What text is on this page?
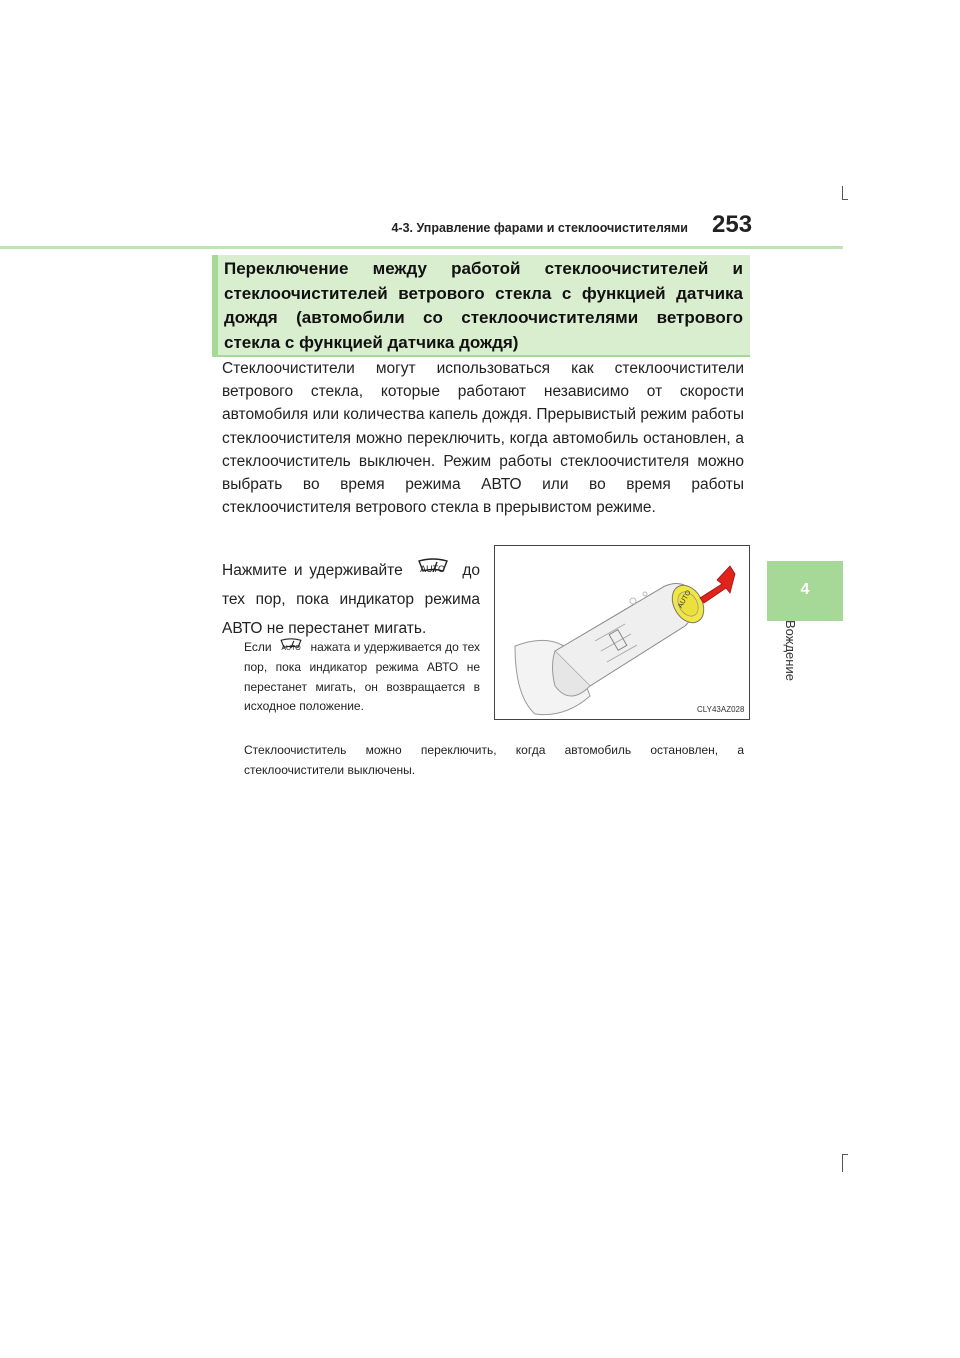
4-3. Управление фарами и стеклоочистителями 253
4
Вождение
Переключение между работой стеклоочистителей и стеклоочистителей ветрового стекла с функцией датчика дождя (автомобили со стеклоочистителями ветрового стекла с функцией датчика дождя)
Стеклоочистители могут использоваться как стеклоочистители ветрового стекла, которые работают независимо от скорости автомобиля или количества капель дождя. Прерывистый режим работы стеклоочистителя можно переключить, когда автомобиль остановлен, а стеклоочиститель выключен. Режим работы стеклоочистителя можно выбрать во время режима АВТО или во время работы стеклоочистителя ветрового стекла в прерывистом режиме.
Нажмите и удерживайте	AUTO до тех пор, пока индикатор режима АВТО не перестанет мигать.
Если	AUTO нажата и удерживается до тех пор, пока индикатор режима АВТО не перестанет мигать, он возвращается в исходное положение.
Стеклоочиститель можно переключить, когда автомобиль остановлен, а стеклоочистители выключены.
AUTO
CLY43AZ028
